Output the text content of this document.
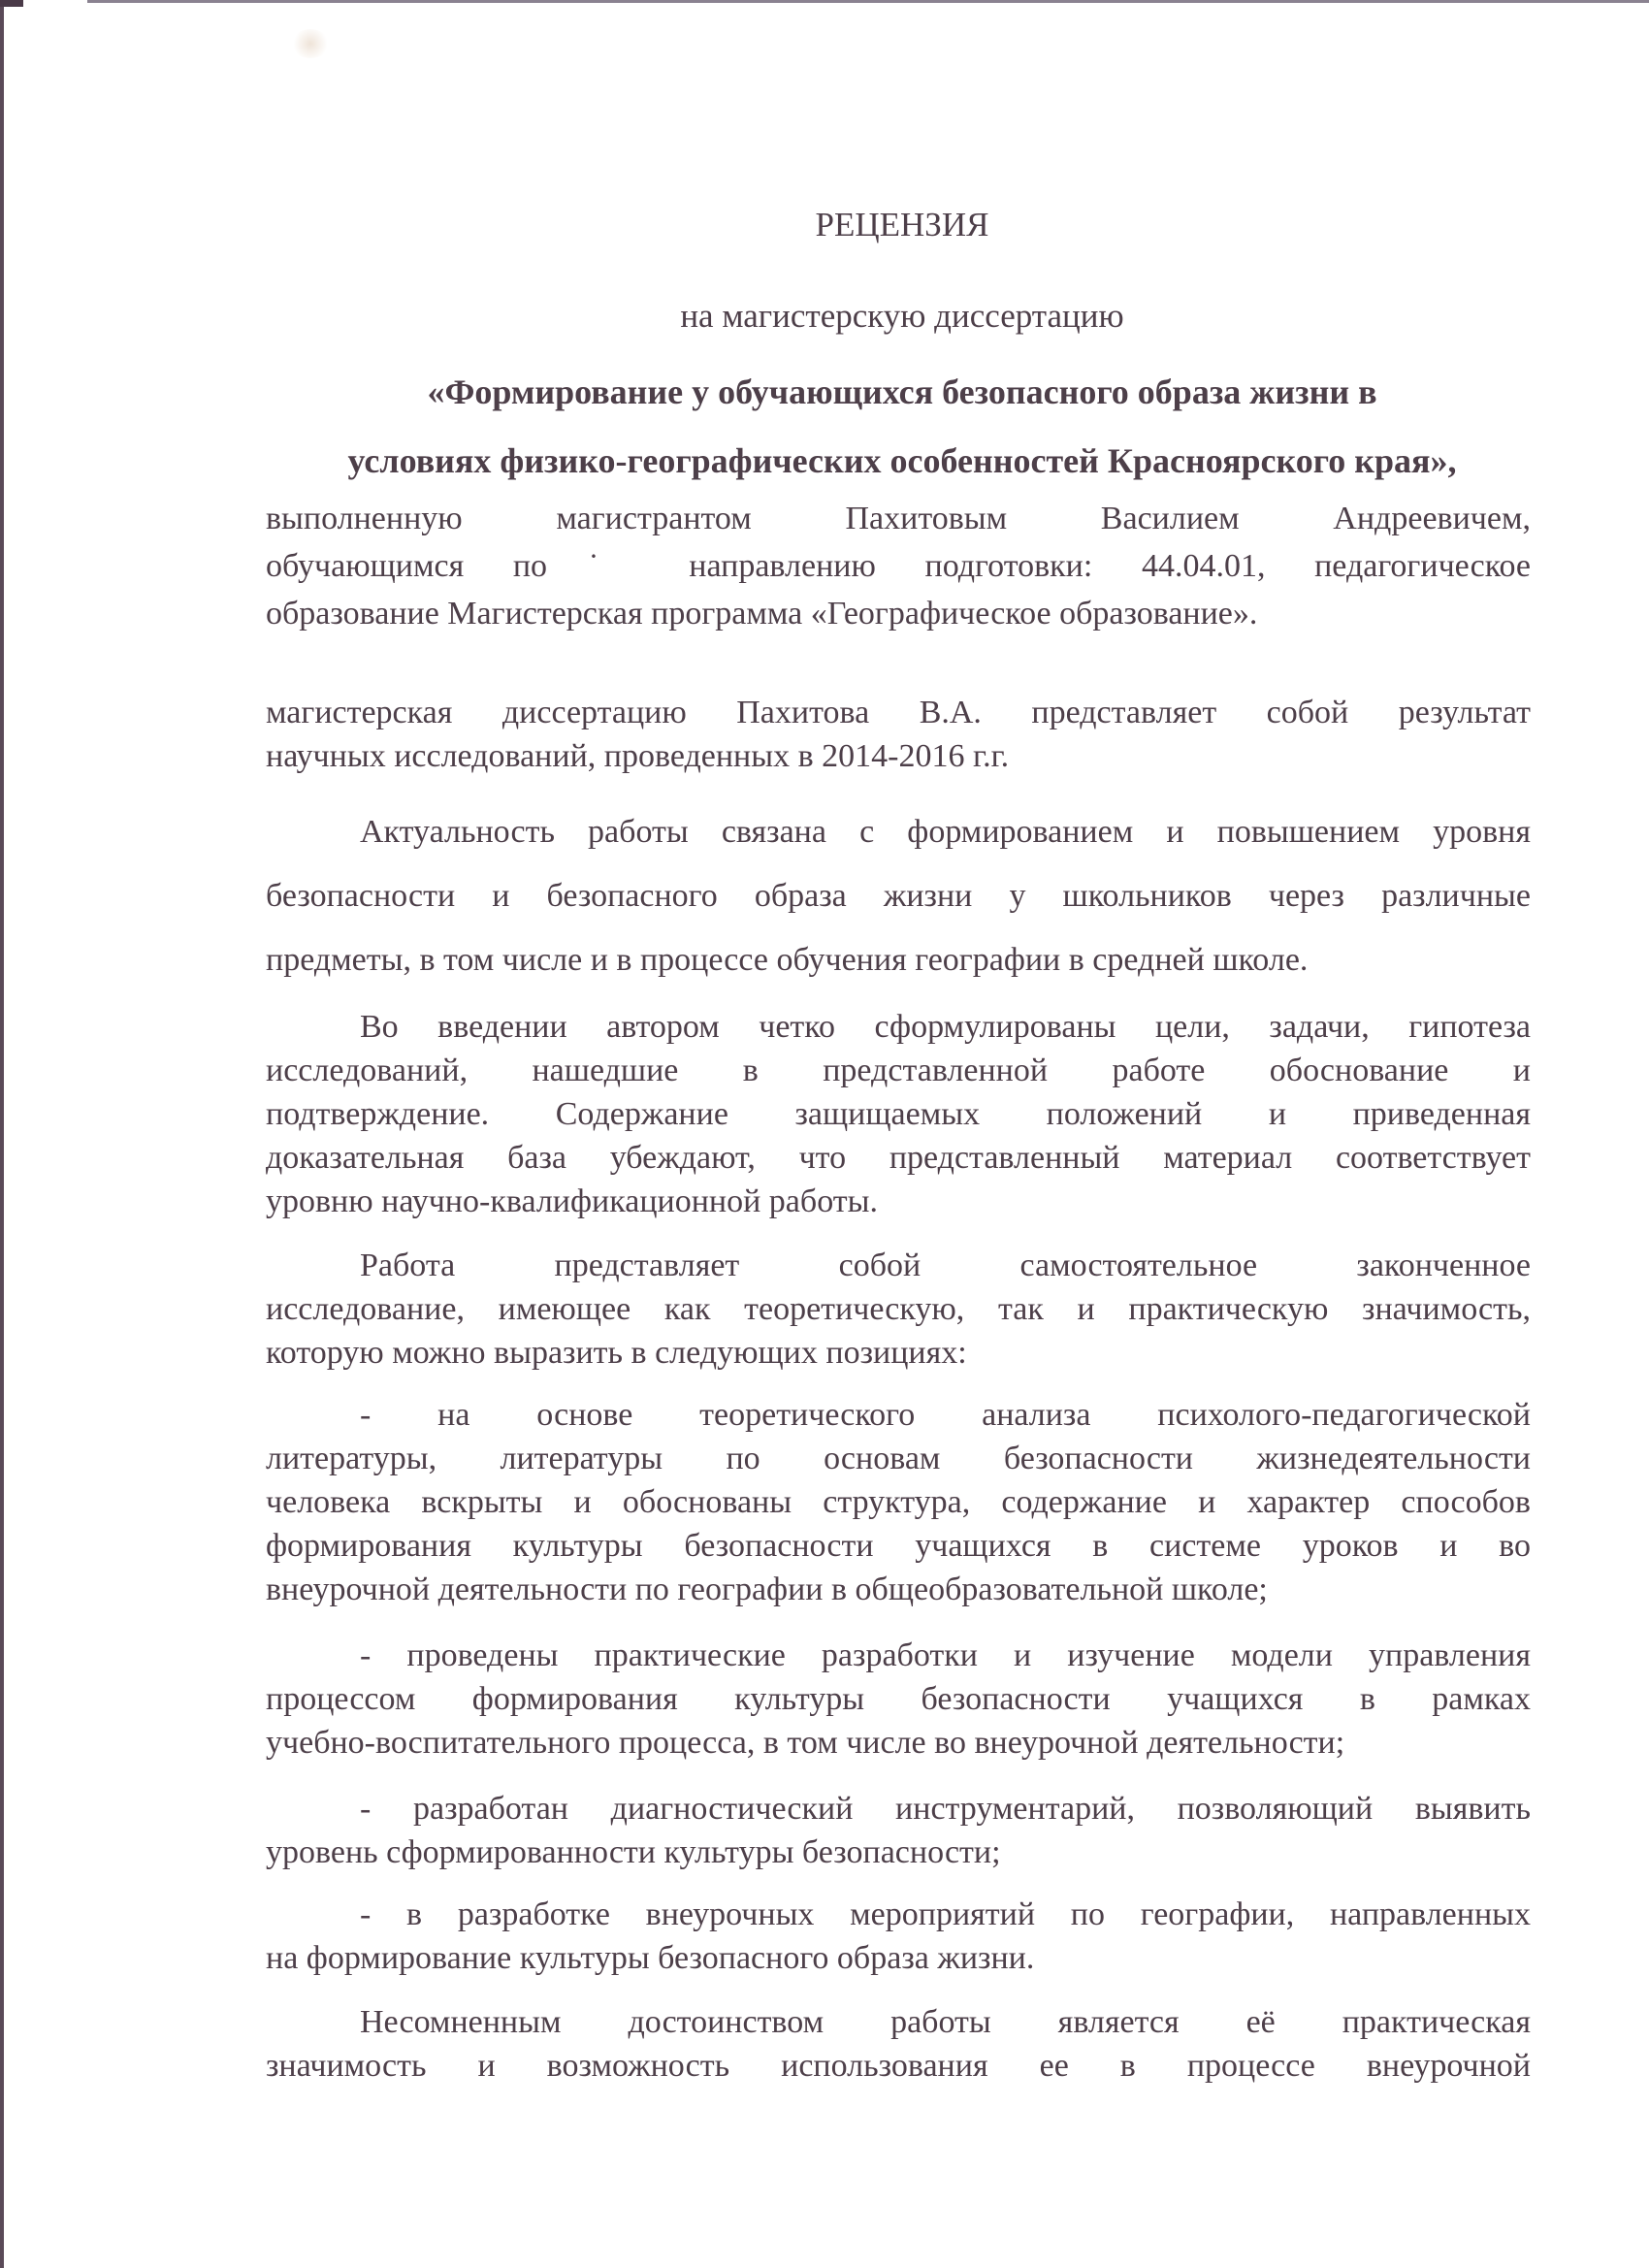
РЕЦЕНЗИЯ
на магистерскую диссертацию
«Формирование у обучающихся безопасного образа жизни в
условиях физико-географических особенностей Красноярского края»,
выполненную магистрантом Пахитовым Василием Андреевичем,
обучающимся по˙ направлению подготовки: 44.04.01, педагогическое
образование Магистерская программа «Географическое образование».
магистерская диссертацию Пахитова В.А. представляет собой результат
научных исследований, проведенных в 2014-2016 г.г.
Актуальность работы связана с формированием и повышением уровня
безопасности и безопасного образа жизни у школьников через различные
предметы, в том числе и в процессе обучения географии в средней школе.
Во введении автором четко сформулированы цели, задачи, гипотеза
исследований, нашедшие в представленной работе обоснование и
подтверждение. Содержание защищаемых положений и приведенная
доказательная база убеждают, что представленный материал соответствует
уровню научно-квалификационной работы.
Работа представляет собой самостоятельное законченное
исследование, имеющее как теоретическую, так и практическую значимость,
которую можно выразить в следующих позициях:
- на основе теоретического анализа психолого-педагогической
литературы, литературы по основам безопасности жизнедеятельности
человека вскрыты и обоснованы структура, содержание и характер способов
формирования культуры безопасности учащихся в системе уроков и во
внеурочной деятельности по географии в общеобразовательной школе;
- проведены практические разработки и изучение модели управления
процессом формирования культуры безопасности учащихся в рамках
учебно-воспитательного процесса, в том числе во внеурочной деятельности;
- разработан диагностический инструментарий, позволяющий выявить
уровень сформированности культуры безопасности;
- в разработке внеурочных мероприятий по географии, направленных
на формирование культуры безопасного образа жизни.
Несомненным достоинством работы является её практическая
значимость и возможность использования ее в процессе внеурочной
